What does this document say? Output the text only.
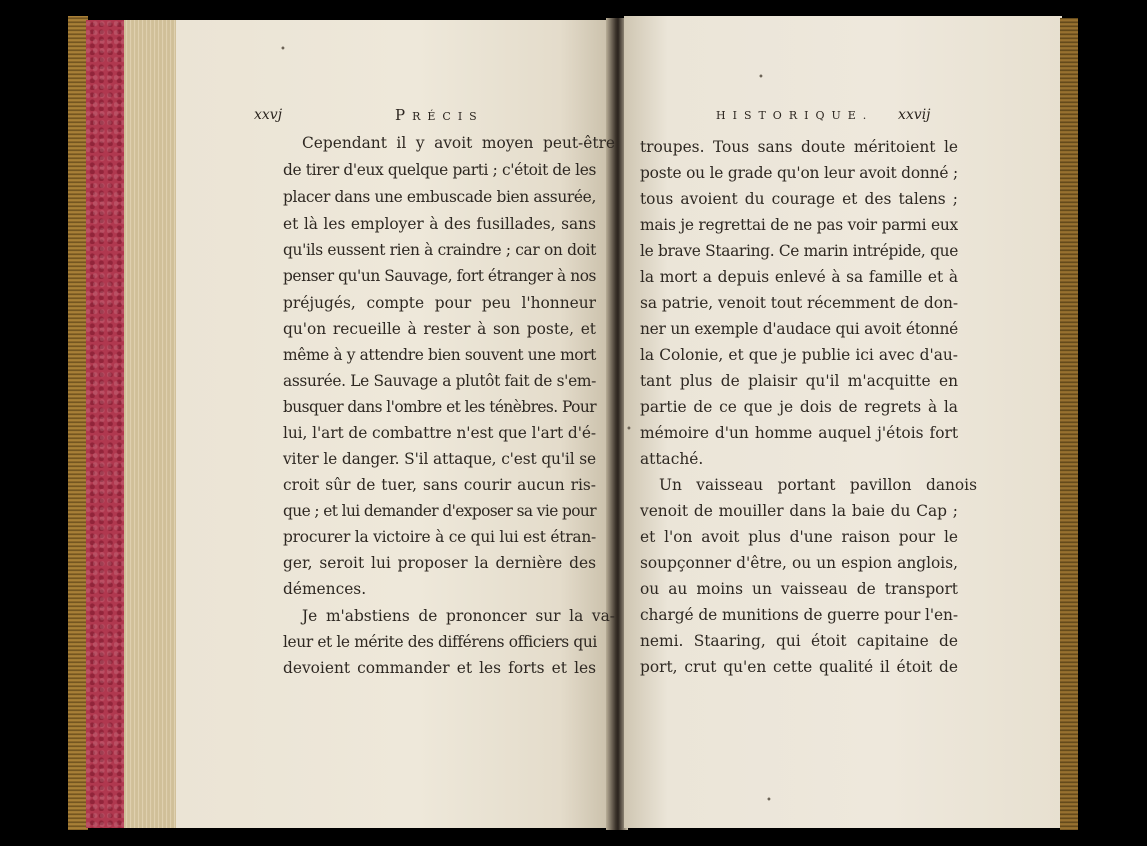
xxvj	Précis	HISTORIQUE. xxvij
Cependant il y avoit moyen peut-être
de tirer d'eux quelque parti ; c'étoit de les
placer dans une embuscade bien assurée,
et là les employer à des fusillades, sans
qu'ils eussent rien à craindre ; car on doit
penser qu'un Sauvage, fort étranger à nos
préjugés, compte pour peu l'honneur
qu'on recueille à rester à son poste, et
même à y attendre bien souvent une mort
assurée. Le Sauvage a plutôt fait de s'em-
busquer dans l'ombre et les ténèbres. Pour
lui, l'art de combattre n'est que l'art d'é-
viter le danger. S'il attaque, c'est qu'il se
croit sûr de tuer, sans courir aucun ris-
que ; et lui demander d'exposer sa vie pour
procurer la victoire à ce qui lui est étran-
ger, seroit lui proposer la dernière des
démences.
Je m'abstiens de prononcer sur la va-
leur et le mérite des différens officiers qui
devoient commander et les forts et les
troupes. Tous sans doute méritoient le
poste ou le grade qu'on leur avoit donné ;
tous avoient du courage et des talens ;
mais je regrettai de ne pas voir parmi eux
le brave Staaring. Ce marin intrépide, que
la mort a depuis enlevé à sa famille et à
sa patrie, venoit tout récemment de don-
ner un exemple d'audace qui avoit étonné
la Colonie, et que je publie ici avec d'au-
tant plus de plaisir qu'il m'acquitte en
partie de ce que je dois de regrets à la
mémoire d'un homme auquel j'étois fort
attaché.
Un vaisseau portant pavillon danois
venoit de mouiller dans la baie du Cap ;
et l'on avoit plus d'une raison pour le
soupçonner d'être, ou un espion anglois,
ou au moins un vaisseau de transport
chargé de munitions de guerre pour l'en-
nemi. Staaring, qui étoit capitaine de
port, crut qu'en cette qualité il étoit de
•
•
•
•
